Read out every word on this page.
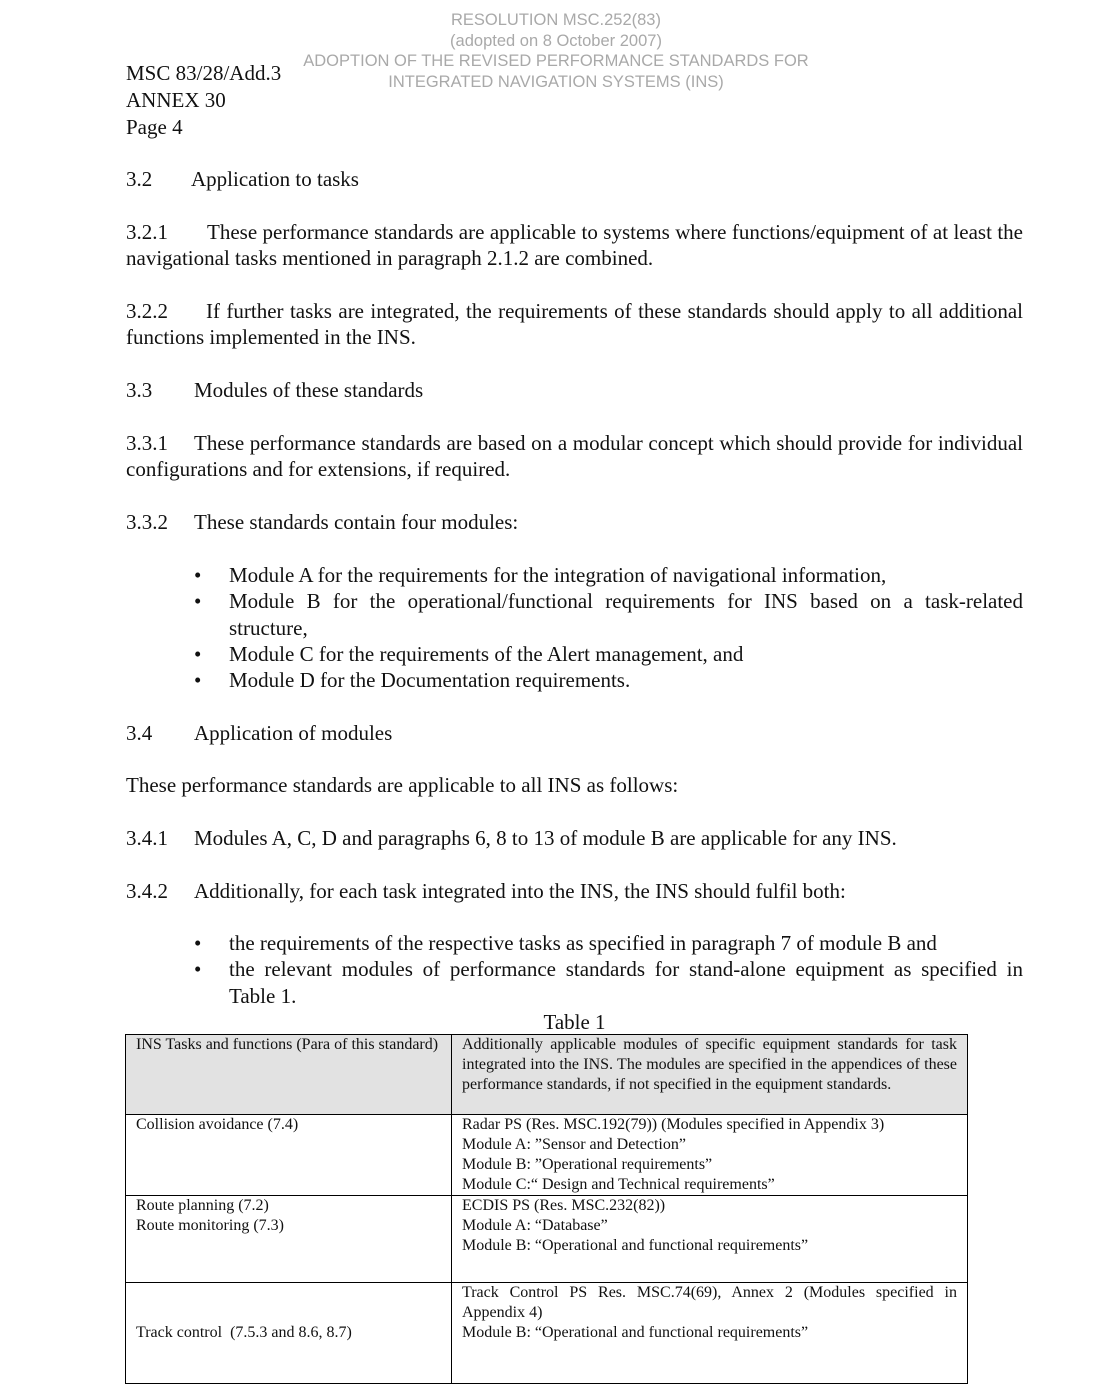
RESOLUTION MSC.252(83)
(adopted on 8 October 2007)
ADOPTION OF THE REVISED PERFORMANCE STANDARDS FOR
INTEGRATED NAVIGATION SYSTEMS (INS)
MSC 83/28/Add.3
ANNEX 30
Page 4
3.2 Application to tasks
3.2.1 These performance standards are applicable to systems where functions/equipment of at least the navigational tasks mentioned in paragraph 2.1.2 are combined.
3.2.2 If further tasks are integrated, the requirements of these standards should apply to all additional functions implemented in the INS.
3.3 Modules of these standards
3.3.1 These performance standards are based on a modular concept which should provide for individual configurations and for extensions, if required.
3.3.2 These standards contain four modules:
• Module A for the requirements for the integration of navigational information,
• Module B for the operational/functional requirements for INS based on a task-related structure,
• Module C for the requirements of the Alert management, and
• Module D for the Documentation requirements.
3.4 Application of modules
These performance standards are applicable to all INS as follows:
3.4.1 Modules A, C, D and paragraphs 6, 8 to 13 of module B are applicable for any INS.
3.4.2 Additionally, for each task integrated into the INS, the INS should fulfil both:
• the requirements of the respective tasks as specified in paragraph 7 of module B and
• the relevant modules of performance standards for stand-alone equipment as specified in Table 1.
Table 1
INS Tasks and functions (Para of this standard)	Additionally applicable modules of specific equipment standards for task integrated into the INS. The modules are specified in the appendices of these performance standards, if not specified in the equipment standards.

Collision avoidance (7.4)	Radar PS (Res. MSC.192(79)) (Modules specified in Appendix 3)
Module A: ”Sensor and Detection”
Module B: ”Operational requirements”
Module C:“ Design and Technical requirements”

Route planning (7.2)
Route monitoring (7.3)	ECDIS PS (Res. MSC.232(82))
Module A: “Database”
Module B: “Operational and functional requirements”

Track control  (7.5.3 and 8.6, 8.7)	Track Control PS Res. MSC.74(69), Annex 2 (Modules specified in Appendix 4)
Module B: “Operational and functional requirements”
